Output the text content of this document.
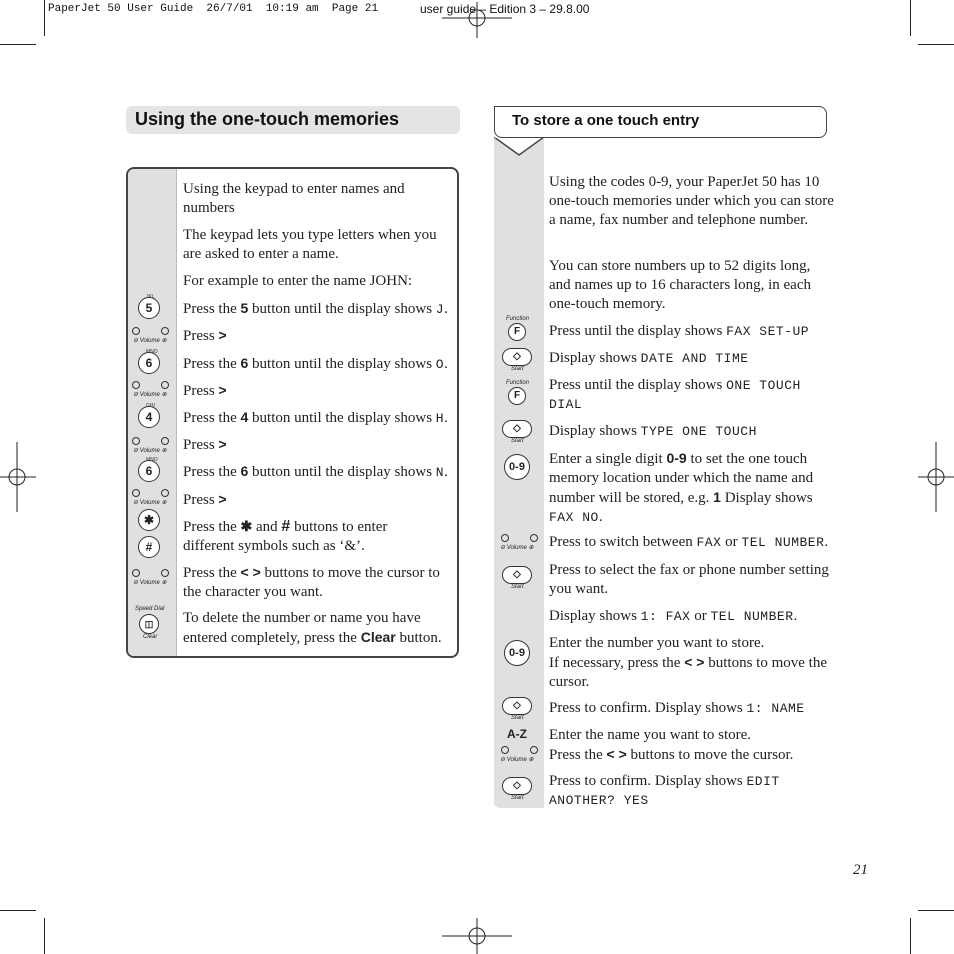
PaperJet 50 User Guide  26/7/01  10:19 am  Page 21	user guide – Edition 3 – 29.8.00
Using the one-touch memories
5
JKL
⊖ Volume ⊕
6
MNO
⊖ Volume ⊕
4
GHI
⊖ Volume ⊕
6
MNO
⊖ Volume ⊕
✱
#
⊖ Volume ⊕
Speed Dial
◫
Clear
Using the keypad to enter names and numbers
The keypad lets you type letters when you are asked to enter a name.
For example to enter the name JOHN:
Press the 5 button until the display shows J.
Press >
Press the 6 button until the display shows O.
Press >
Press the 4 button until the display shows H.
Press >
Press the 6 button until the display shows N.
Press >
Press the ✱ and # buttons to enter different symbols such as ‘&’.
Press the < > buttons to move the cursor to the character you want.
To delete the number or name you have entered completely, press the Clear button.
To store a one touch entry
Function
F
◇
Start
Function
F
◇
Start
0-9
⊖ Volume ⊕
◇
Start
0-9
◇
Start
A-Z
⊖ Volume ⊕
◇
Start
Using the codes 0-9, your PaperJet 50 has 10 one-touch memories under which you can store a name, fax number and telephone number.
You can store numbers up to 52 digits long, and names up to 16 characters long, in each one-touch memory.
Press until the display shows FAX SET-UP
Display shows DATE AND TIME
Press until the display shows ONE TOUCH DIAL
Display shows TYPE ONE TOUCH
Enter a single digit 0-9 to set the one touch memory location under which the name and number will be stored, e.g. 1 Display shows FAX NO.
Press to switch between FAX or TEL NUMBER.
Press to select the fax or phone number setting you want.
Display shows 1: FAX or TEL NUMBER.
Enter the number you want to store.
If necessary, press the < > buttons to move the cursor.
Press to confirm. Display shows 1: NAME
Enter the name you want to store.
Press the < > buttons to move the cursor.
Press to confirm. Display shows EDIT ANOTHER? YES
21
